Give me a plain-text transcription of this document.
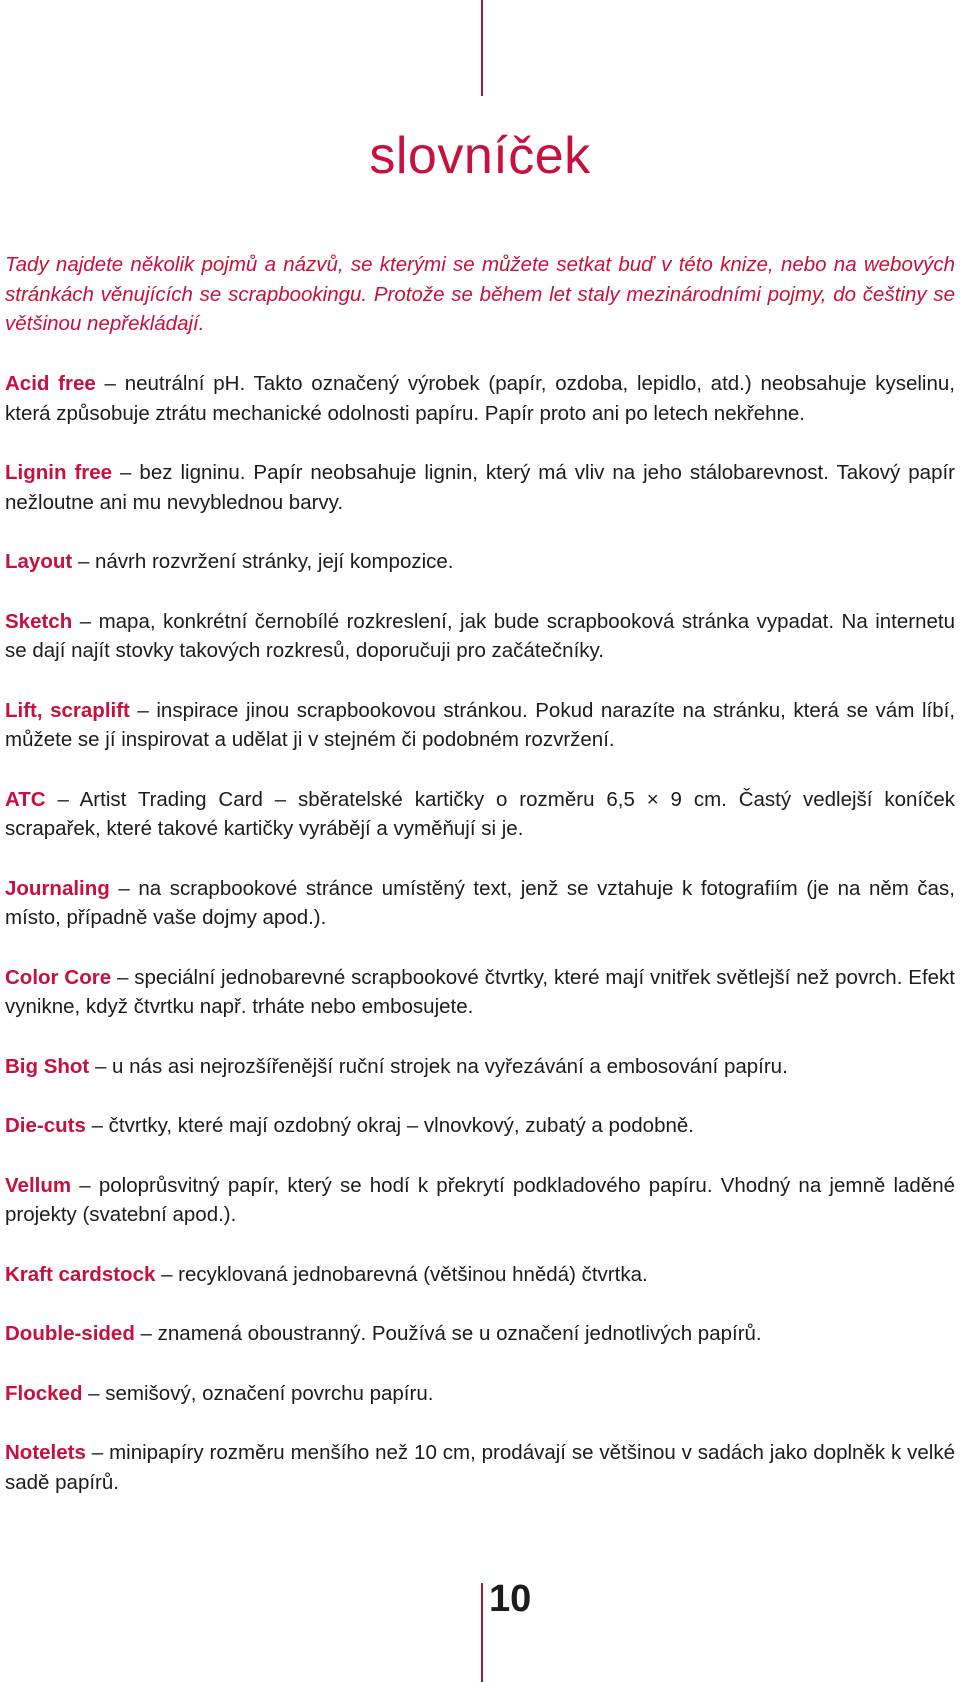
slovníček

Tady najdete několik pojmů a názvů, se kterými se můžete setkat buď v této knize, nebo na webových stránkách věnujících se scrapbookingu. Protože se během let staly mezinárodními pojmy, do češtiny se většinou nepřekládají.

Acid free – neutrální pH. Takto označený výrobek (papír, ozdoba, lepidlo, atd.) neobsahuje kyselinu, která způsobuje ztrátu mechanické odolnosti papíru. Papír proto ani po letech nekřehne.
Lignin free – bez ligninu. Papír neobsahuje lignin, který má vliv na jeho stálobarevnost. Takový papír nežloutne ani mu nevyblednou barvy.
Layout – návrh rozvržení stránky, její kompozice.
Sketch – mapa, konkrétní černobílé rozkreslení, jak bude scrapbooková stránka vypadat. Na internetu se dají najít stovky takových rozkresů, doporučuji pro začátečníky.
Lift, scraplift – inspirace jinou scrapbookovou stránkou. Pokud narazíte na stránku, která se vám líbí, můžete se jí inspirovat a udělat ji v stejném či podobném rozvržení.
ATC – Artist Trading Card – sběratelské kartičky o rozměru 6,5 × 9 cm. Častý vedlejší koníček scrapařek, které takové kartičky vyrábějí a vyměňují si je.
Journaling – na scrapbookové stránce umístěný text, jenž se vztahuje k fotografiím (je na něm čas, místo, případně vaše dojmy apod.).
Color Core – speciální jednobarevné scrapbookové čtvrtky, které mají vnitřek světlejší než povrch. Efekt vynikne, když čtvrtku např. trháte nebo embosujete.
Big Shot – u nás asi nejrozšířenější ruční strojek na vyřezávání a embosování papíru.
Die-cuts – čtvrtky, které mají ozdobný okraj – vlnovkový, zubatý a podobně.
Vellum – poloprůsvitný papír, který se hodí k překrytí podkladového papíru. Vhodný na jemně laděné projekty (svatební apod.).
Kraft cardstock – recyklovaná jednobarevná (většinou hnědá) čtvrtka.
Double-sided – znamená oboustranný. Používá se u označení jednotlivých papírů.
Flocked – semišový, označení povrchu papíru.
Notelets – minipapíry rozměru menšího než 10 cm, prodávají se většinou v sadách jako doplněk k velké sadě papírů.
10
